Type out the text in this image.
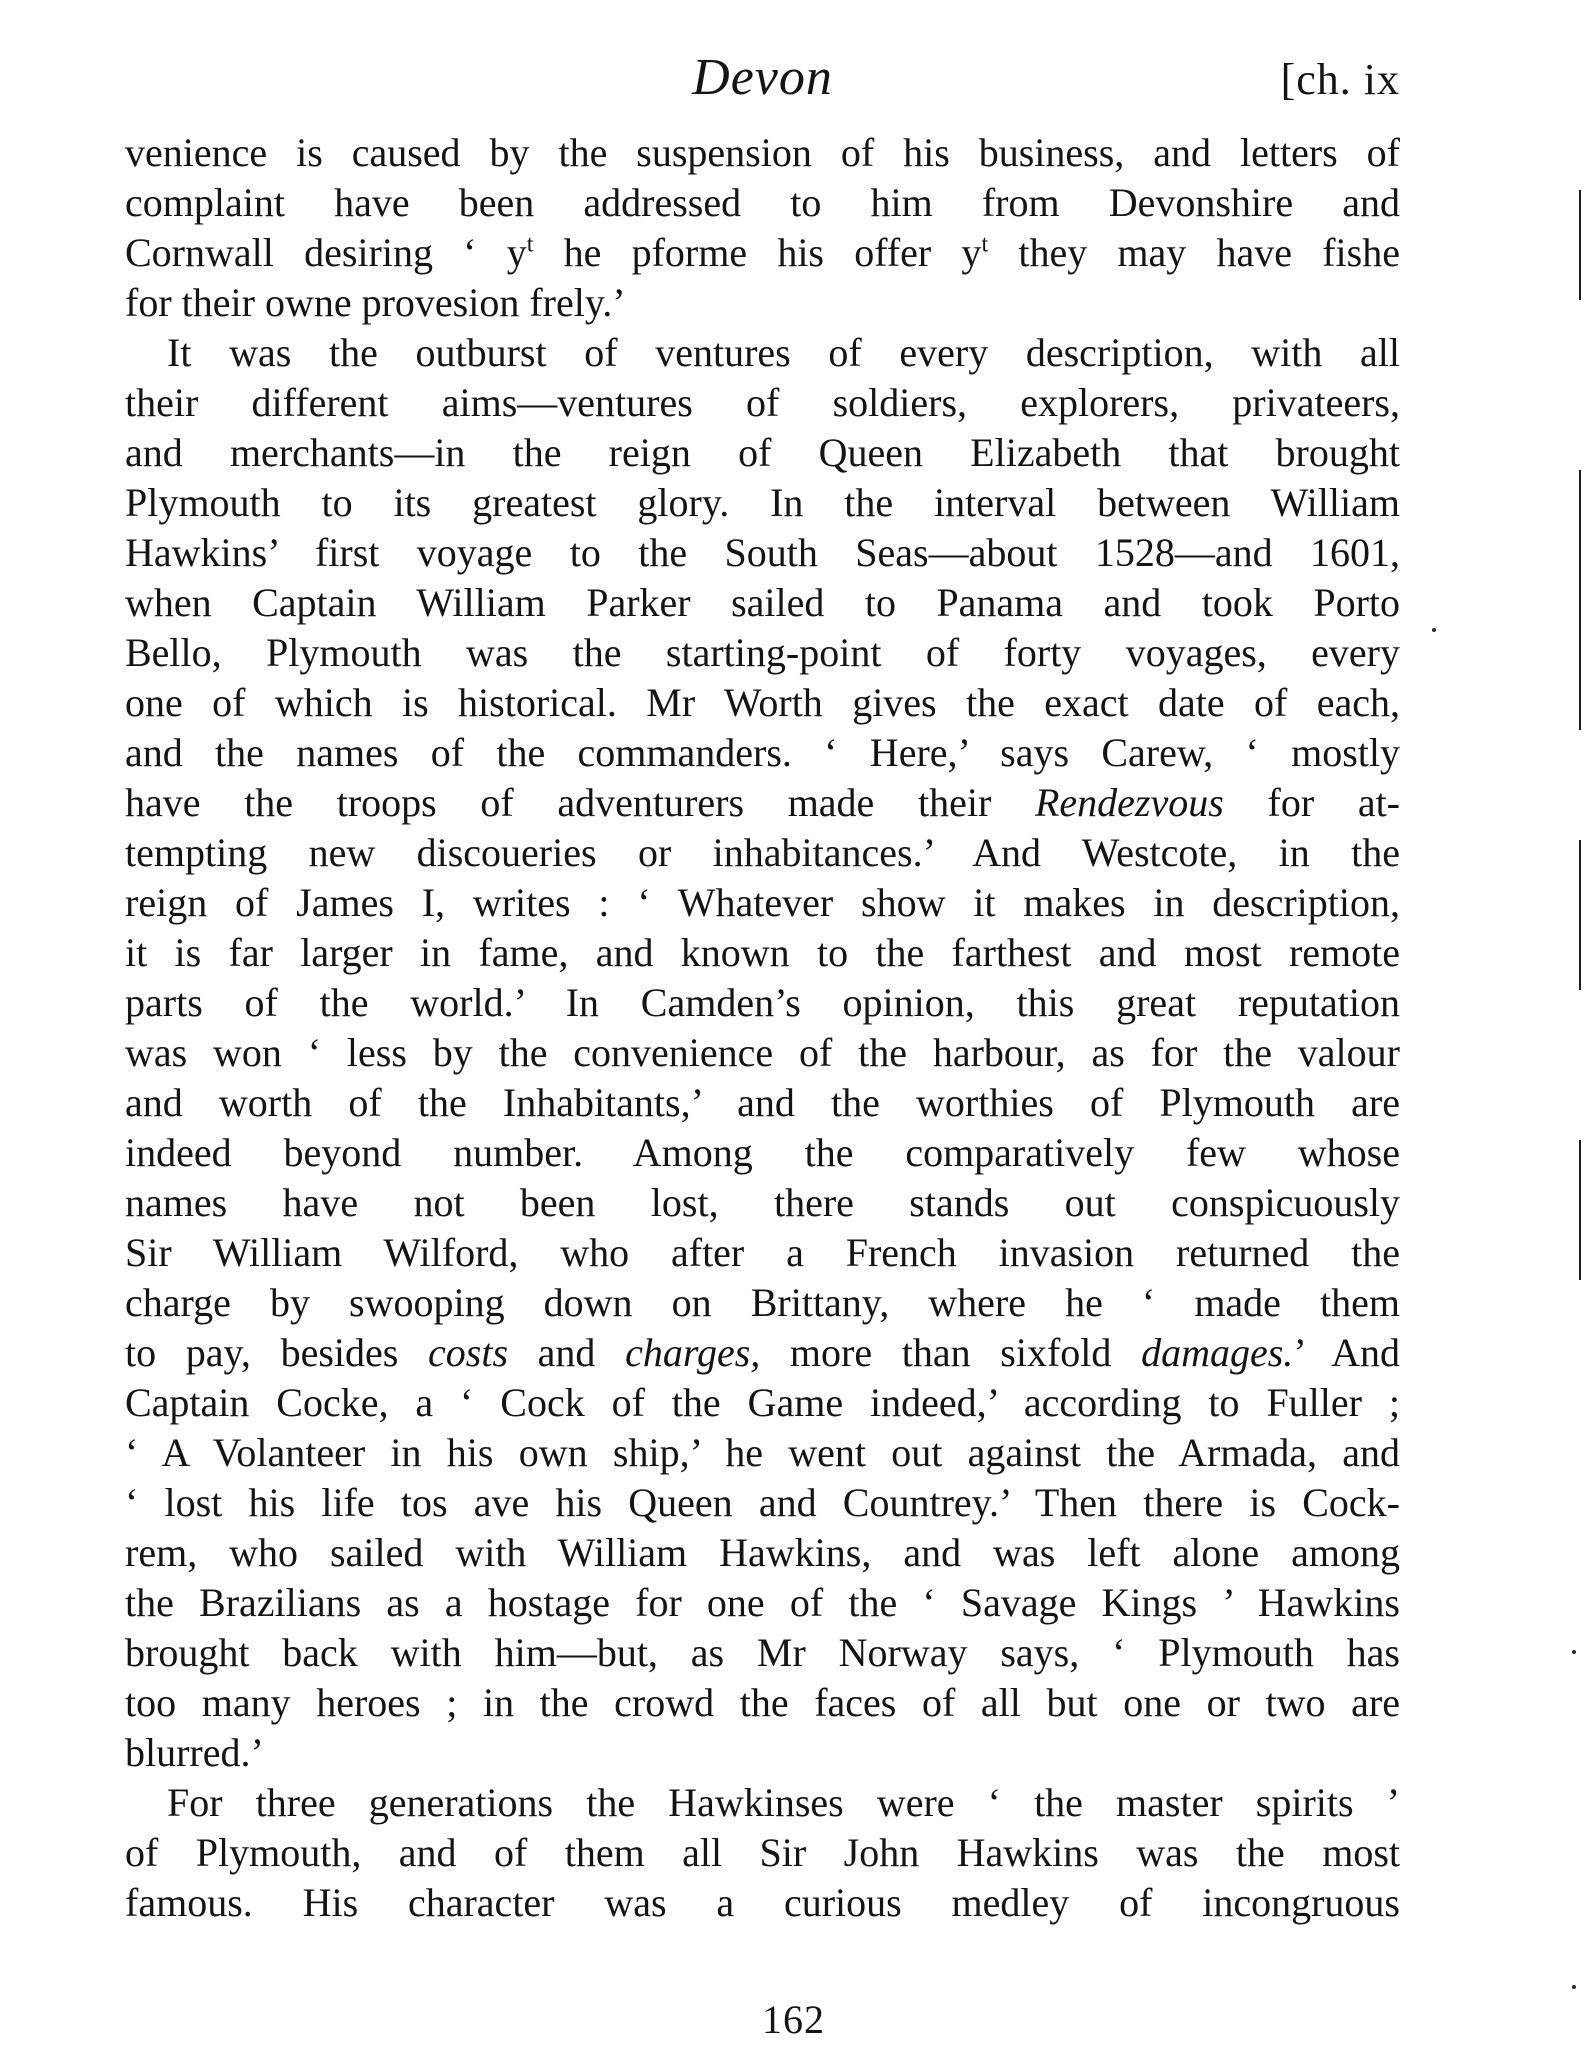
Devon	[ch. ix
venience is caused by the suspension of his business, and letters of
complaint have been addressed to him from Devonshire and
Cornwall desiring ‘ $y^t$ he pforme his offer $y^t$ they may have fishe
for their owne provesion frely.’
It was the outburst of ventures of every description, with all
their different aims—ventures of soldiers, explorers, privateers,
and merchants—in the reign of Queen Elizabeth that brought
Plymouth to its greatest glory. In the interval between William
Hawkins’ first voyage to the South Seas—about 1528—and 1601,
when Captain William Parker sailed to Panama and took Porto
Bello, Plymouth was the starting-point of forty voyages, every
one of which is historical. Mr Worth gives the exact date of each,
and the names of the commanders. ‘ Here,’ says Carew, ‘ mostly
have the troops of adventurers made their Rendezvous for at-
tempting new discoueries or inhabitances.’ And Westcote, in the
reign of James I, writes : ‘ Whatever show it makes in description,
it is far larger in fame, and known to the farthest and most remote
parts of the world.’ In Camden’s opinion, this great reputation
was won ‘ less by the convenience of the harbour, as for the valour
and worth of the Inhabitants,’ and the worthies of Plymouth are
indeed beyond number. Among the comparatively few whose
names have not been lost, there stands out conspicuously
Sir William Wilford, who after a French invasion returned the
charge by swooping down on Brittany, where he ‘ made them
to pay, besides costs and charges, more than sixfold damages.’ And
Captain Cocke, a ‘ Cock of the Game indeed,’ according to Fuller ;
‘ A Volanteer in his own ship,’ he went out against the Armada, and
‘ lost his life tos ave his Queen and Countrey.’ Then there is Cock-
rem, who sailed with William Hawkins, and was left alone among
the Brazilians as a hostage for one of the ‘ Savage Kings ’ Hawkins
brought back with him—but, as Mr Norway says, ‘ Plymouth has
too many heroes ; in the crowd the faces of all but one or two are
blurred.’
For three generations the Hawkinses were ‘ the master spirits ’
of Plymouth, and of them all Sir John Hawkins was the most
famous. His character was a curious medley of incongruous
162
